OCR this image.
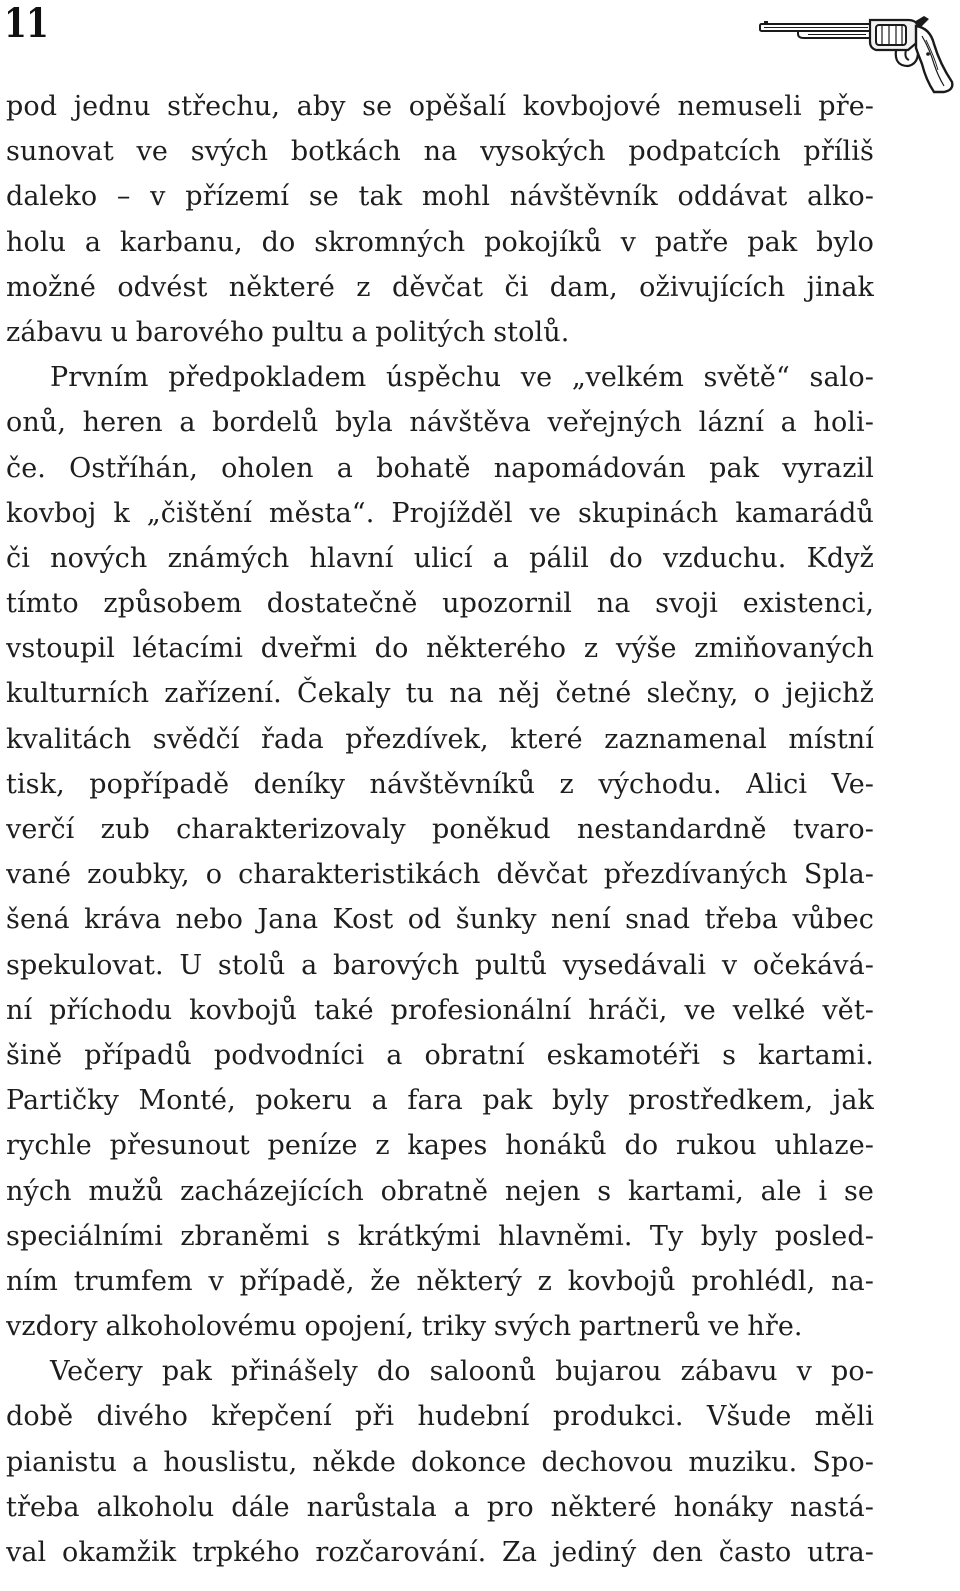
11
pod jednu střechu, aby se opěšalí kovbojové nemuseli pře-
sunovat ve svých botkách na vysokých podpatcích příliš
daleko – v přízemí se tak mohl návštěvník oddávat alko-
holu a karbanu, do skromných pokojíků v patře pak bylo
možné odvést některé z děvčat či dam, oživujících jinak
zábavu u barového pultu a politých stolů.
Prvním předpokladem úspěchu ve „velkém světě“ salo-
onů, heren a bordelů byla návštěva veřejných lázní a holi-
če. Ostříhán, oholen a bohatě napomádován pak vyrazil
kovboj k „čištění města“. Projížděl ve skupinách kamarádů
či nových známých hlavní ulicí a pálil do vzduchu. Když
tímto způsobem dostatečně upozornil na svoji existenci,
vstoupil létacími dveřmi do některého z výše zmiňovaných
kulturních zařízení. Čekaly tu na něj četné slečny, o jejichž
kvalitách svědčí řada přezdívek, které zaznamenal místní
tisk, popřípadě deníky návštěvníků z východu. Alici Ve-
verčí zub charakterizovaly poněkud nestandardně tvaro-
vané zoubky, o charakteristikách děvčat přezdívaných Spla-
šená kráva nebo Jana Kost od šunky není snad třeba vůbec
spekulovat. U stolů a barových pultů vysedávali v očekává-
ní příchodu kovbojů také profesionální hráči, ve velké vět-
šině případů podvodníci a obratní eskamotéři s kartami.
Partičky Monté, pokeru a fara pak byly prostředkem, jak
rychle přesunout peníze z kapes honáků do rukou uhlaze-
ných mužů zacházejících obratně nejen s kartami, ale i se
speciálními zbraněmi s krátkými hlavněmi. Ty byly posled-
ním trumfem v případě, že některý z kovbojů prohlédl, na-
vzdory alkoholovému opojení, triky svých partnerů ve hře.
Večery pak přinášely do saloonů bujarou zábavu v po-
době divého křepčení při hudební produkci. Všude měli
pianistu a houslistu, někde dokonce dechovou muziku. Spo-
třeba alkoholu dále narůstala a pro některé honáky nastá-
val okamžik trpkého rozčarování. Za jediný den často utra-
